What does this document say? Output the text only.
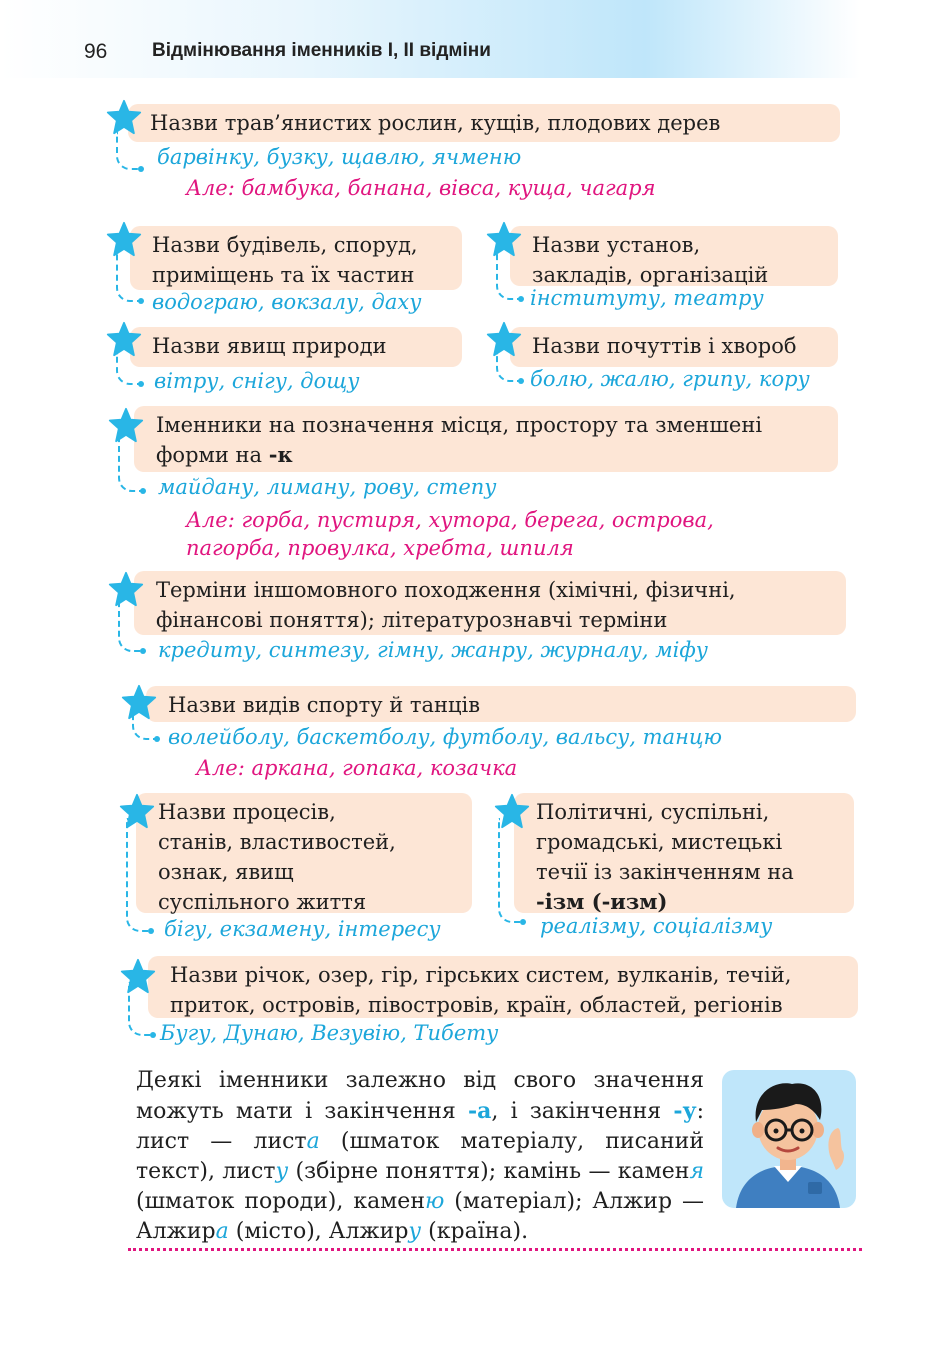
96 Відмінювання іменників І, ІІ відміни
Назви трав’янистих рослин, кущів, плодових дерев
барвінку, бузку, щавлю, ячменю
Але: бамбука, банана, вівса, куща, чагаря
Назви будівель, споруд,
приміщень та їх частин
водограю, вокзалу, даху
Назви установ,
закладів, організацій
інституту, театру
Назви явищ природи
вітру, снігу, дощу
Назви почуттів і хвороб
болю, жалю, грипу, кору
Іменники на позначення місця, простору та зменшені
форми на -к
майдану, лиману, рову, степу
Але: горба, пустиря, хутора, берега, острова,
пагорба, провулка, хребта, шпиля
Терміни іншомовного походження (хімічні, фізичні,
фінансові поняття); літературознавчі терміни
кредиту, синтезу, гімну, жанру, журналу, міфу
Назви видів спорту й танців
волейболу, баскетболу, футболу, вальсу, танцю
Але: аркана, гопака, козачка
Назви процесів,
станів, властивостей,
ознак, явищ
суспільного життя
бігу, екзамену, інтересу
Політичні, суспільні,
громадські, мистецькі
течії із закінченням на
-ізм (-изм)
реалізму, соціалізму
Назви річок, озер, гір, гірських систем, вулканів, течій,
приток, островів, півостровів, країн, областей, регіонів
Бугу, Дунаю, Везувію, Тибету
Деякі іменники залежно від свого значення можуть мати і закінчення -а, і закінчення -у: лист — листа (шматок матеріалу, писаний текст), листу (збірне поняття); камінь — каменя (шматок породи), каменю (матеріал); Алжир — Алжира (місто), Алжиру (країна).
